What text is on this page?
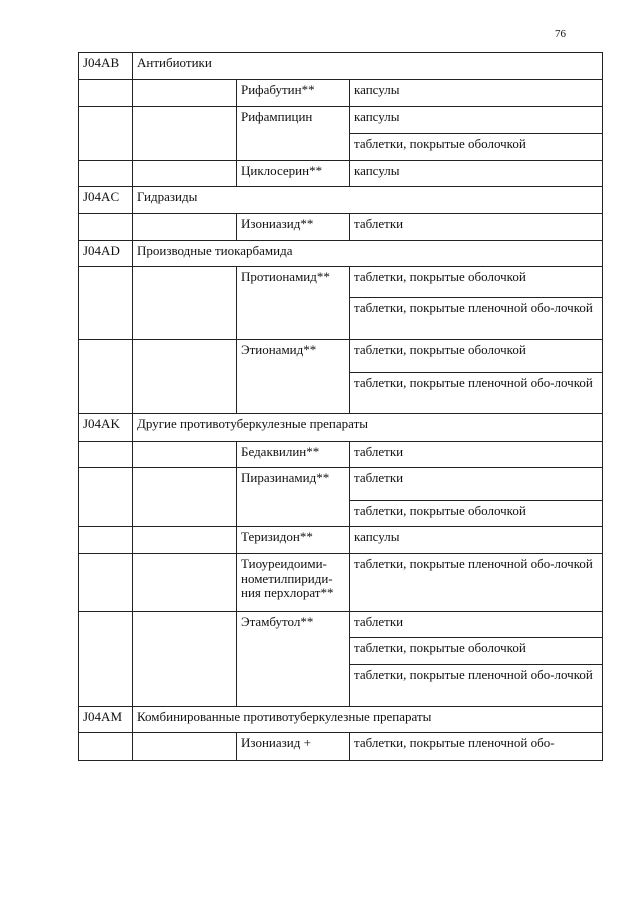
76
J04AB	Антибиотики		
		Рифабутин**	капсулы
		Рифампицин	капсулы
			таблетки, покрытые оболочкой
		Циклосерин**	капсулы
J04AC	Гидразиды		
		Изониазид**	таблетки
J04AD	Производные тиокарбамида		
		Протионамид**	таблетки, покрытые оболочкой
			таблетки, покрытые пленочной обо-лочкой
		Этионамид**	таблетки, покрытые оболочкой
			таблетки, покрытые пленочной обо-лочкой
J04AK	Другие противотуберкулезные препараты		
		Бедаквилин**	таблетки
		Пиразинамид**	таблетки
			таблетки, покрытые оболочкой
		Теризидон**	капсулы
		Тиоуреидоими-нометилпириди-ния перхлорат**	таблетки, покрытые пленочной обо-лочкой
		Этамбутол**	таблетки
			таблетки, покрытые оболочкой
			таблетки, покрытые пленочной обо-лочкой
J04AM	Комбинированные противотуберкулезные препараты		
		Изониазид +	таблетки, покрытые пленочной обо-
